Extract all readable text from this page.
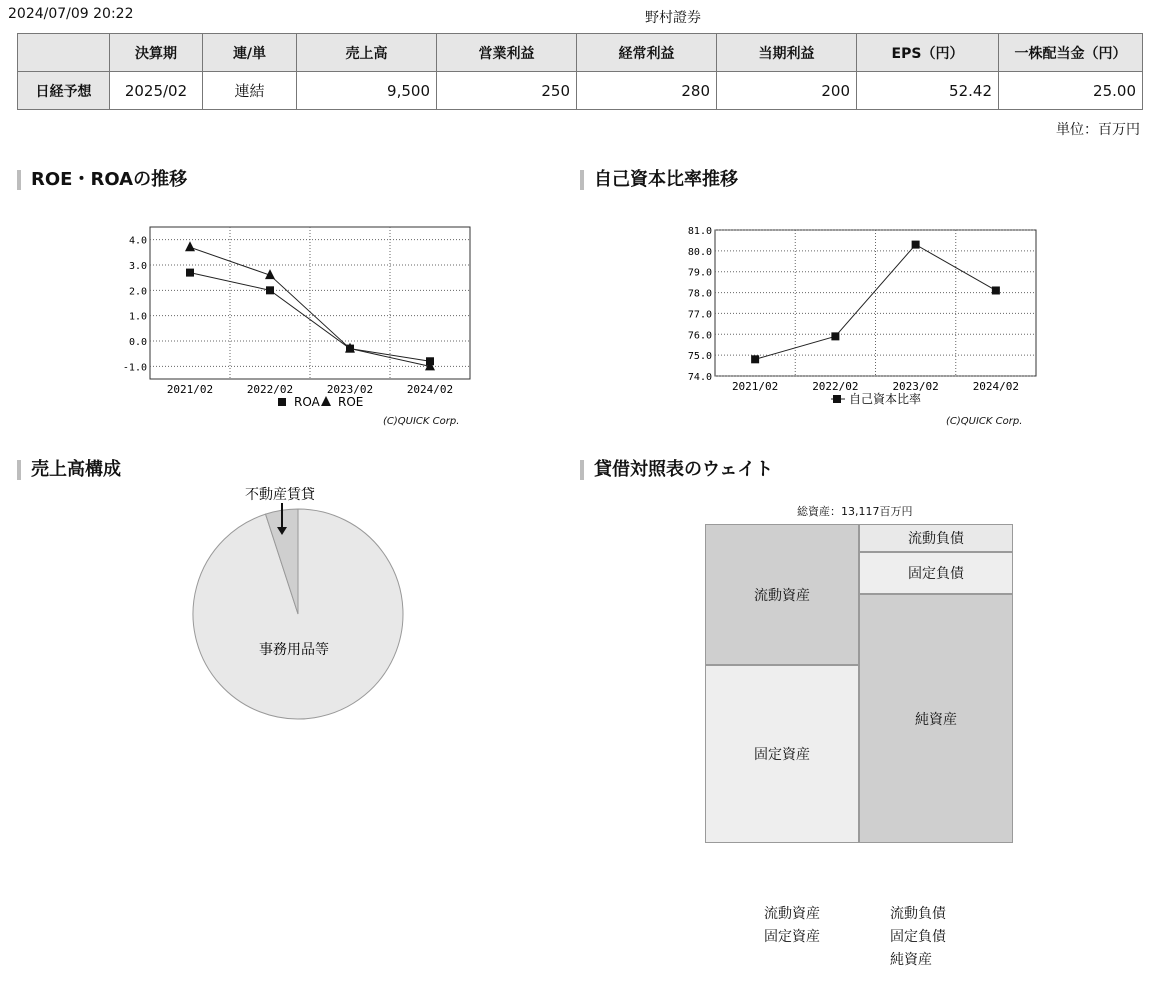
2024/07/09 20:22	野村證券
	決算期	連/単	売上高	営業利益	経常利益	当期利益	EPS（円）	一株配当金（円）
日経予想	2025/02	連結	9,500	250	280	200	52.42	25.00
単位：百万円
ROE・ROAの推移	自己資本比率推移
売上高構成	貸借対照表のウェイト
4.0
3.0
2.0
1.0
0.0
-1.0
2021/02	2022/02	2023/02	2024/02
ROA ROE
81.0
80.0
79.0
78.0
77.0
76.0
75.0
74.0
2021/02	2022/02	2023/02	2024/02
自己資本比率
事務用品等
不動産賃貸
(C)QUICK Corp.	(C)QUICK Corp.
総資産：13,117百万円
流動資産
固定資産
流動負債
固定負債
純資産
流動資産
固定資産
流動負債
固定負債
純資産
